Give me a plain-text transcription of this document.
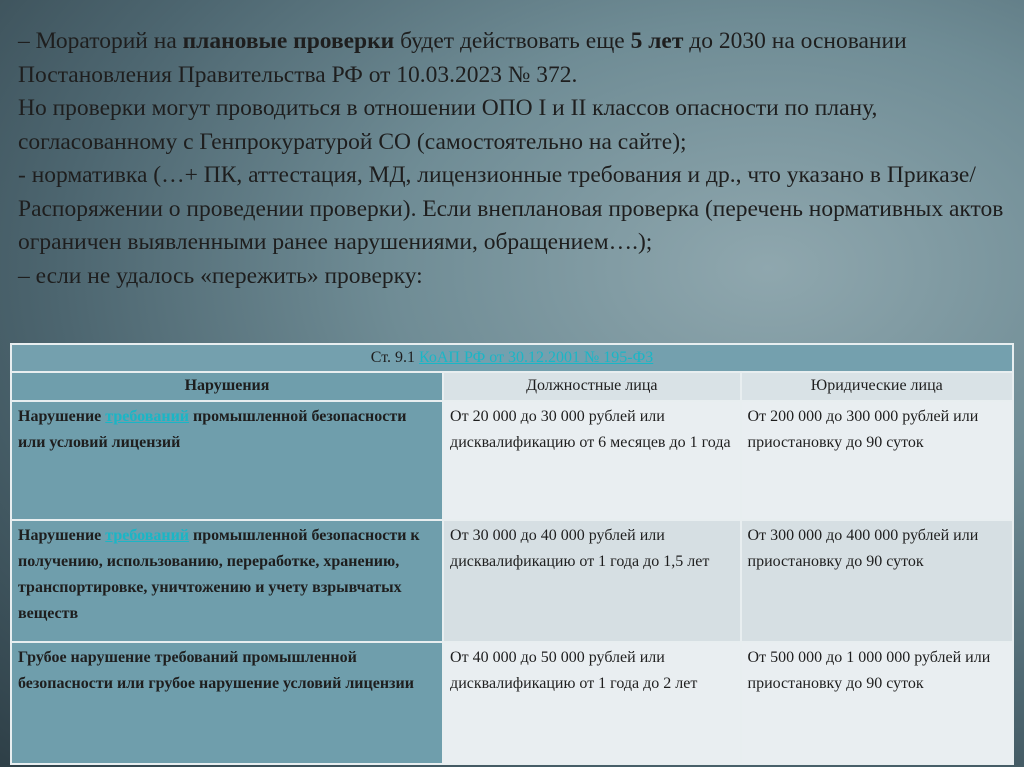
– Мораторий на плановые проверки будет действовать еще 5 лет до 2030 на основании Постановления Правительства РФ от 10.03.2023 № 372.

Но проверки могут проводиться в отношении ОПО I и II классов опасности по плану, согласованному с Генпрокуратурой СО (самостоятельно на сайте);

- нормативка (…+ ПК, аттестация, МД, лицензионные требования и др., что указано в Приказе/Распоряжении о проведении проверки). Если внеплановая проверка (перечень нормативных актов ограничен выявленными ранее нарушениями, обращением….);

– если не удалось «пережить» проверку:

Ст. 9.1 КоАП РФ от 30.12.2001 № 195-ФЗ		
Нарушения	Должностные лица	Юридические лица
Нарушение требований промышленной безопасности или условий лицензий	От 20 000 до 30 000 рублей или дисквалификацию от 6 месяцев до 1 года	От 200 000 до 300 000 рублей или приостановку до 90 суток
Нарушение требований промышленной безопасности к получению, использованию, переработке, хранению, транспортировке, уничтожению и учету взрывчатых веществ	От 30 000 до 40 000 рублей или дисквалификацию от 1 года до 1,5 лет	От 300 000 до 400 000 рублей или приостановку до 90 суток
Грубое нарушение требований промышленной безопасности или грубое нарушение условий лицензии	От 40 000 до 50 000 рублей или дисквалификацию от 1 года до 2 лет	От 500 000 до 1 000 000 рублей или приостановку до 90 суток
